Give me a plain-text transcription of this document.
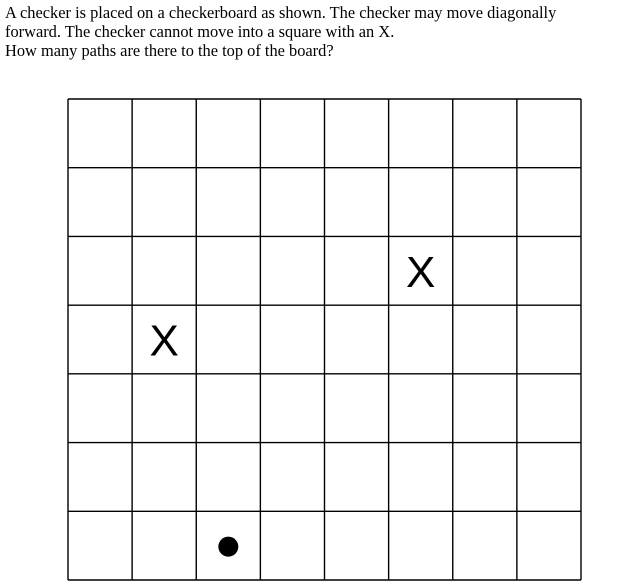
A checker is placed on a checkerboard as shown. The checker may move diagonally
forward. The checker cannot move into a square with an X.
How many paths are there to the top of the board?
X
X
